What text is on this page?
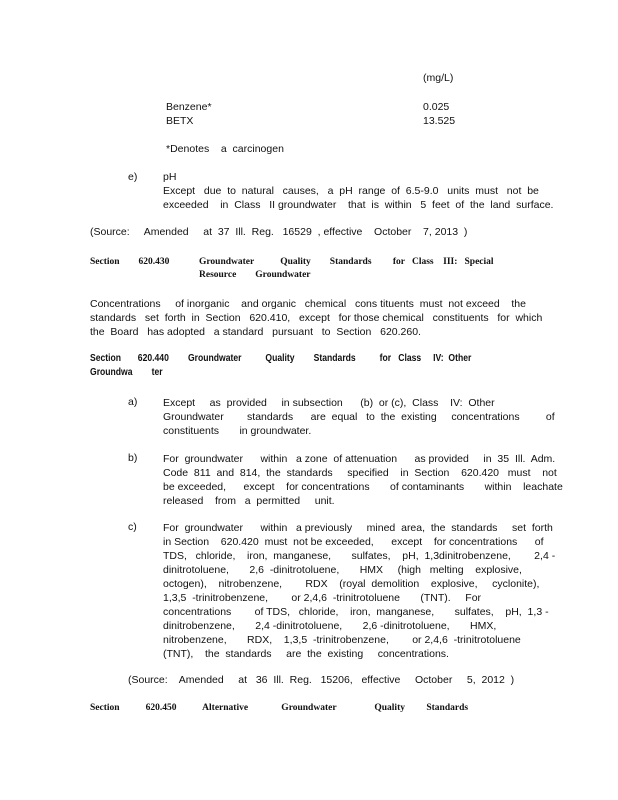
(mg/L)
Benzene*	0.025
BETX	13.525
*Denotes    a  carcinogen
e) pH
Except   due  to  natural   causes,   a  pH  range  of  6.5-9.0   units  must   not  be
exceeded    in  Class   II groundwater    that  is  within   5  feet  of  the  land  surface.
(Source:     Amended     at  37  Ill.  Reg.   16529  , effective    October    7, 2013  )
Section        620.430	Groundwater           Quality        Standards         for   Class    III:   Special
Resource        Groundwater
Concentrations     of inorganic    and organic   chemical   cons tituents  must  not exceed    the
standards   set  forth  in  Section   620.410,   except   for those chemical   constituents   for  which
the  Board   has adopted   a standard   pursuant   to  Section   620.260.
Section       620.440        Groundwater          Quality        Standards          for   Class     IV:  Other
Groundwa        ter
a) Except     as  provided     in subsection      (b)  or (c),  Class    IV:  Other
Groundwater        standards      are  equal   to  the  existing     concentrations         of
constituents       in groundwater.
b) For  groundwater      within   a zone  of attenuation      as provided     in  35  Ill.  Adm.
Code  811  and  814,  the  standards     specified    in  Section    620.420   must    not
be exceeded,      except    for concentrations       of contaminants       within    leachate
released    from   a  permitted     unit.
c)	For  groundwater      within   a previously     mined  area,  the  standards     set  forth
in Section    620.420  must  not be exceeded,      except    for concentrations      of
TDS,   chloride,    iron,  manganese,       sulfates,    pH,  1,3dinitrobenzene,        2,4 -
dinitrotoluene,       2,6  -dinitrotoluene,       HMX     (high   melting    explosive,
octogen),    nitrobenzene,        RDX    (royal  demolition    explosive,     cyclonite),
1,3,5  -trinitrobenzene,        or 2,4,6  -trinitrotoluene       (TNT).     For
concentrations        of TDS,   chloride,    iron,  manganese,       sulfates,    pH,  1,3 -
dinitrobenzene,       2,4 -dinitrotoluene,       2,6 -dinitrotoluene,       HMX,
nitrobenzene,       RDX,    1,3,5  -trinitrobenzene,        or 2,4,6  -trinitrotoluene
(TNT),    the  standards     are  the  existing     concentrations.
(Source:    Amended     at   36  Ill.  Reg.   15206,   effective     October     5,  2012  )
Section           620.450           Alternative              Groundwater                Quality         Standards
